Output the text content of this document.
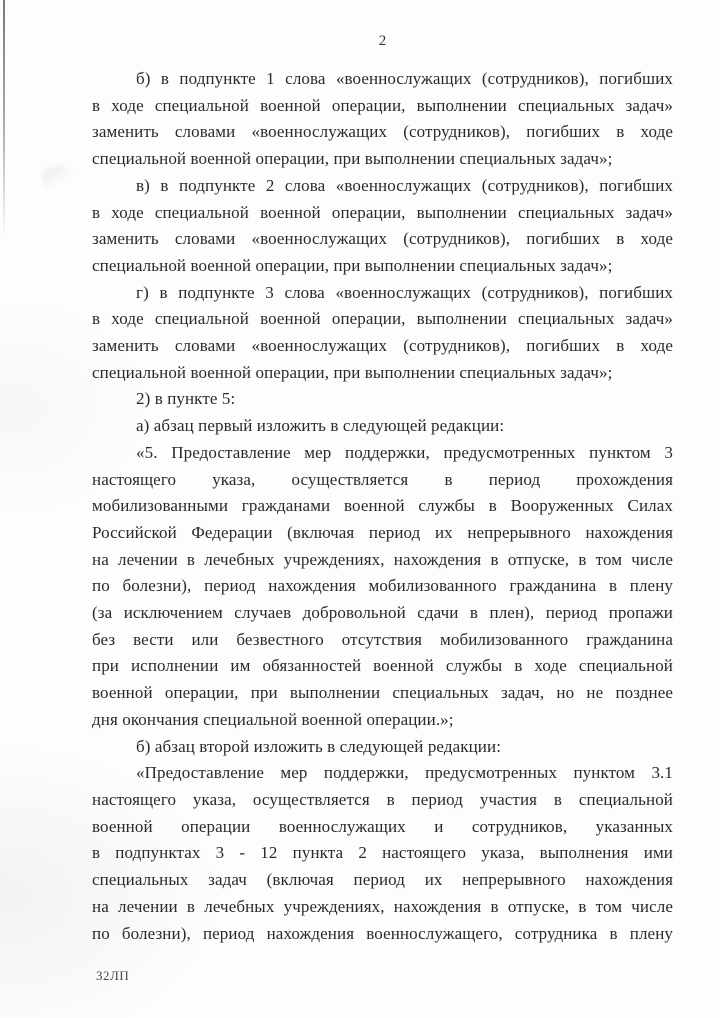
2
б) в подпункте 1 слова «военнослужащих (сотрудников), погибших
в ходе специальной военной операции, выполнении специальных задач»
заменить словами «военнослужащих (сотрудников), погибших в ходе
специальной военной операции, при выполнении специальных задач»;
в) в подпункте 2 слова «военнослужащих (сотрудников), погибших
в ходе специальной военной операции, выполнении специальных задач»
заменить словами «военнослужащих (сотрудников), погибших в ходе
специальной военной операции, при выполнении специальных задач»;
г) в подпункте 3 слова «военнослужащих (сотрудников), погибших
в ходе специальной военной операции, выполнении специальных задач»
заменить словами «военнослужащих (сотрудников), погибших в ходе
специальной военной операции, при выполнении специальных задач»;
2) в пункте 5:
а) абзац первый изложить в следующей редакции:
«5. Предоставление мер поддержки, предусмотренных пунктом 3
настоящего указа, осуществляется в период прохождения
мобилизованными гражданами военной службы в Вооруженных Силах
Российской Федерации (включая период их непрерывного нахождения
на лечении в лечебных учреждениях, нахождения в отпуске, в том числе
по болезни), период нахождения мобилизованного гражданина в плену
(за исключением случаев добровольной сдачи в плен), период пропажи
без вести или безвестного отсутствия мобилизованного гражданина
при исполнении им обязанностей военной службы в ходе специальной
военной операции, при выполнении специальных задач, но не позднее
дня окончания специальной военной операции.»;
б) абзац второй изложить в следующей редакции:
«Предоставление мер поддержки, предусмотренных пунктом 3.1
настоящего указа, осуществляется в период участия в специальной
военной операции военнослужащих и сотрудников, указанных
в подпунктах 3 - 12 пункта 2 настоящего указа, выполнения ими
специальных задач (включая период их непрерывного нахождения
на лечении в лечебных учреждениях, нахождения в отпуске, в том числе
по болезни), период нахождения военнослужащего, сотрудника в плену
32ЛП
